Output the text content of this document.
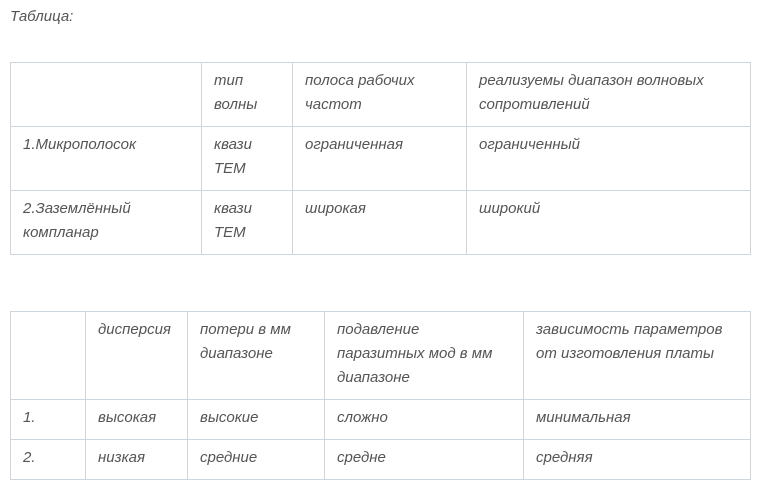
Таблица:

	тип волны	полоса рабочих частот	реализуемы диапазон волновых сопротивлений
1.Микрополосок	квази ТЕМ	ограниченная	ограниченный
2.Заземлённый компланар	квази ТЕМ	широкая	широкий
	дисперсия	потери в мм диапазоне	подавление паразитных мод в мм диапазоне	зависимость параметров от изготовления платы
1.	высокая	высокие	сложно	минимальная
2.	низкая	средние	средне	средняя
